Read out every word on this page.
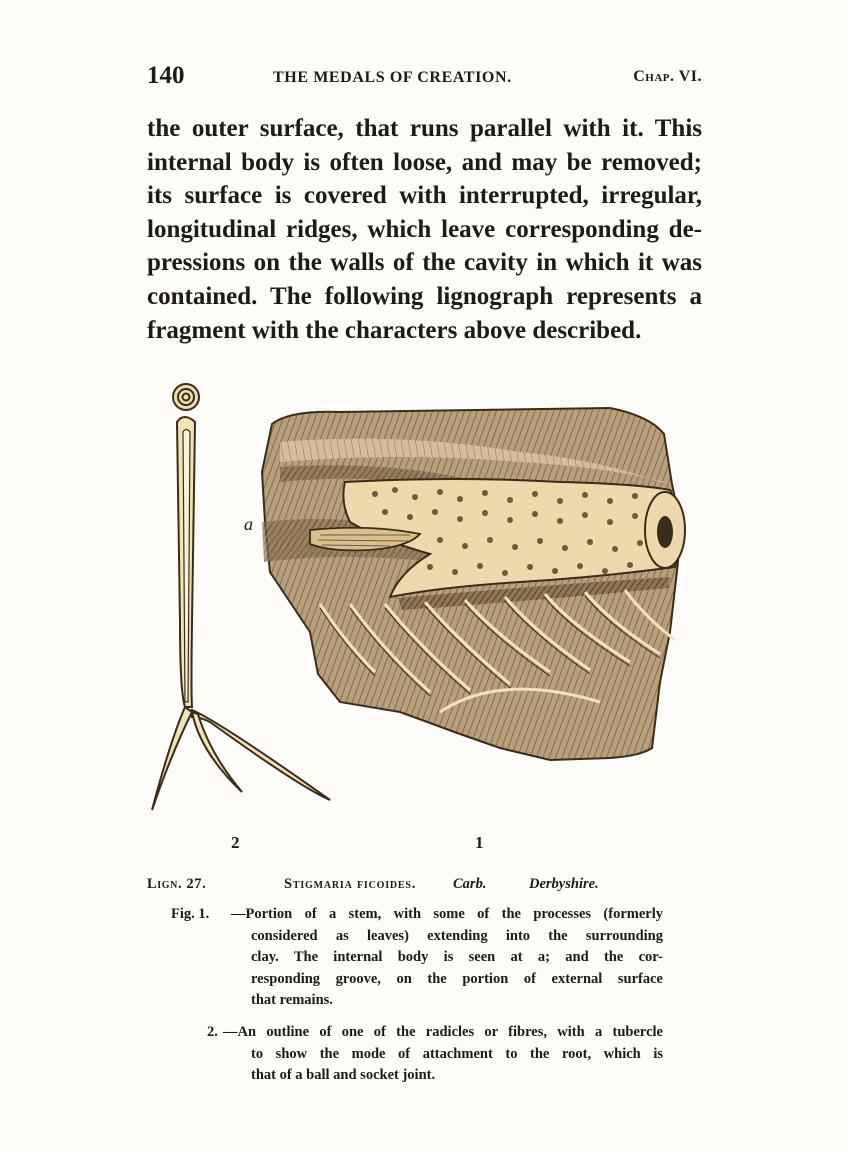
140	THE MEDALS OF CREATION.	Chap. VI.
the outer surface, that runs parallel with it. This
internal body is often loose, and may be removed;
its surface is covered with interrupted, irregular,
longitudinal ridges, which leave corresponding de-
pressions on the walls of the cavity in which it was
contained. The following lignograph represents a
fragment with the characters above described.
a
2	1
Lign. 27.	Stigmaria ficoides.	Carb.	Derbyshire.
Fig. 1. —Portion of a stem, with some of the processes (formerly
considered as leaves) extending into the surrounding
clay. The internal body is seen at a; and the cor-
responding groove, on the portion of external surface
that remains.
2. —An outline of one of the radicles or fibres, with a tubercle
to show the mode of attachment to the root, which is
that of a ball and socket joint.
